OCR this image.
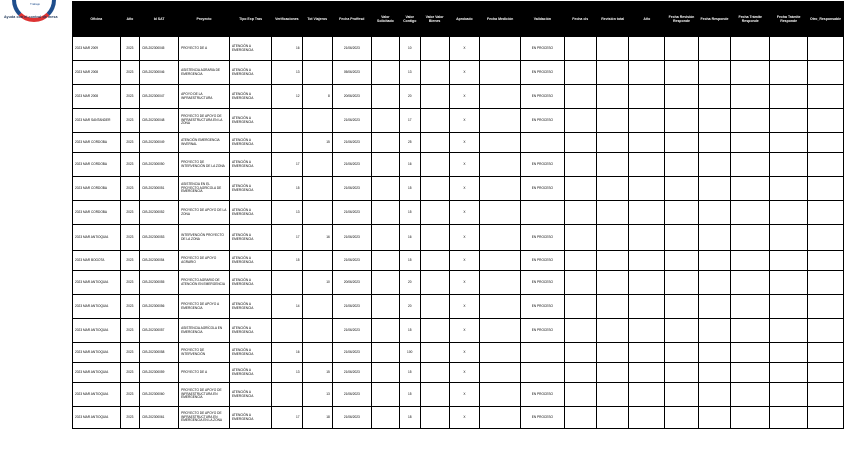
Trabajo
Ayuda con el control de mesa	Oficina	Año	Id SAT	Proyecto	Tipo Exp Tras	Verificaciones	Tot Viajeros	Fecha Proffesd	Valor Solicitado	Valor Contigo	Valor Valor Bienes	Aprobado	Fecha Medición	Validación	Fecha cls	Revisión total	Año	Fecha Revisión Responde	Fecha Responde	Fecha Trámite Responde	Fecha Trámite Responde	Otro_Responsable
2023 MAR 2009	2023	CIB-202300045	PROYECTO DE A	ATENCIÓN A EMERGENCIA	16		21/06/2023		10		X		EN PROCESO								
2023 MAR 2008	2023	CIB-202300046	ASISTENCIA AGRARIA DE EMERGENCIA	ATENCIÓN A EMERGENCIA	13		05/06/2023		13		X		EN PROCESO								
2023 MAR 2008	2023	CIB-202300047	APOYO DE LA INFRAESTRUCTURA	ATENCIÓN A EMERGENCIA	12	8	20/06/2023		20		X		EN PROCESO								
2023 MAR SANTANDER	2023	CIB-202300048	PROYECTO DE APOYO DE INFRAESTRUCTURA EN LA ZONA	ATENCIÓN A EMERGENCIA			21/06/2023		17		X		EN PROCESO								
2023 MAR CORDOBA	2023	CIB-202300049	ATENCIÓN EMERGENCIA INVERNAL	ATENCIÓN A EMERGENCIA		15	21/06/2023		25		X										
2023 MAR CORDOBA	2023	CIB-202300050	PROYECTO DE INTERVENCIÓN DE LA ZONA	ATENCIÓN A EMERGENCIA	17		21/06/2023		16		X		EN PROCESO								
2023 MAR CORDOBA	2023	CIB-202300051	ASISTENCIA EN EL PROYECTO AGRÍCOLA DE EMERGENCIA	ATENCIÓN A EMERGENCIA	15		21/06/2023		15		X		EN PROCESO								
2023 MAR CORDOBA	2023	CIB-202300052	PROYECTO DE APOYO DE LA ZONA	ATENCIÓN A EMERGENCIA	13		21/06/2023		15		X										
2023 MAR ANTIOQUIA	2023	CIB-202300053	INTERVENCIÓN PROYECTO DE LA ZONA	ATENCIÓN A EMERGENCIA	17	16	21/06/2023		16		X		EN PROCESO								
2023 MAR BOGOTA	2023	CIB-202300054	PROYECTO DE APOYO AGRARIO	ATENCIÓN A EMERGENCIA	15		21/06/2023		15		X		EN PROCESO								
2023 MAR ANTIOQUIA	2023	CIB-202300055	PROYECTO AGRARIO DE ATENCIÓN EN EMERGENCIA	ATENCIÓN A EMERGENCIA		10	20/06/2023		20		X		EN PROCESO								
2023 MAR ANTIOQUIA	2023	CIB-202300056	PROYECTO DE APOYO A EMERGENCIA	ATENCIÓN A EMERGENCIA	14		21/06/2023		20		X		EN PROCESO								
2023 MAR ANTIOQUIA	2023	CIB-202300057	ASISTENCIA AGRÍCOLA EN EMERGENCIA	ATENCIÓN A EMERGENCIA			21/06/2023		15		X		EN PROCESO								
2023 MAR ANTIOQUIA	2023	CIB-202300058	PROYECTO DE INTERVENCIÓN	ATENCIÓN A EMERGENCIA	16		21/06/2023		100		X										
2023 MAR ANTIOQUIA	2023	CIB-202300059	PROYECTO DE A	ATENCIÓN A EMERGENCIA	13	15	21/06/2023		15		X										
2023 MAR ANTIOQUIA	2023	CIB-202300060	PROYECTO DE APOYO DE INFRAESTRUCTURA EN EMERGENCIA	ATENCIÓN A EMERGENCIA		13	21/06/2023		15		X		EN PROCESO								
2023 MAR ANTIOQUIA	2023	CIB-202300061	PROYECTO DE APOYO DE INFRAESTRUCTURA EN EMERGENCIA EN LA ZONA	ATENCIÓN A EMERGENCIA	17	18	21/06/2023		18		X		EN PROCESO								
